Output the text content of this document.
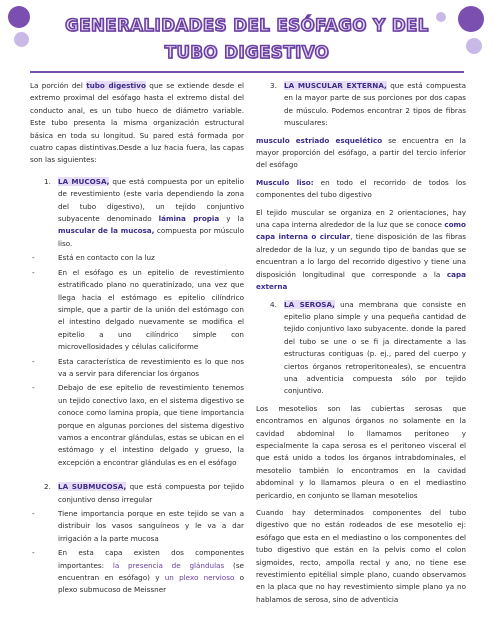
GENERALIDADES DEL ESÓFAGO Y DEL
TUBO DIGESTIVO

La porción del tubo digestivo que se extiende desde el extremo proximal del esófago hasta el extremo distal del conducto anal, es un tubo hueco de diámetro variable. Este tubo presenta la misma organización estructural básica en toda su longitud. Su pared está formada por cuatro capas distintivas.Desde a luz hacia fuera, las capas son las siguientes:

1. LA MUCOSA, que está compuesta por un epitelio de revestimiento (este varia dependiendo la zona del tubo digestivo), un tejido conjuntivo subyacente denominado lámina propia y la muscular de la mucosa, compuesta por músculo liso.
-	Está en contacto con la luz
-	En el esófago es un epitelio de revestimiento estratificado plano no queratinizado, una vez que llega hacia el estómago es epitelio cilíndrico simple, que a partir de la unión del estómago con el intestino delgado nuevamente se modifica el epitelio a uno cilíndrico simple con microvellosidades y células caliciforme
-	Esta característica de revestimiento es lo que nos va a servir para diferenciar los órganos
-	Debajo de ese epitelio de revestimiento tenemos un tejido conectivo laxo, en el sistema digestivo se conoce como lamina propia, que tiene importancia porque en algunas porciones del sistema digestivo vamos a encontrar glándulas, estas se ubican en el estómago y el intestino delgado y grueso, la excepción a encontrar glándulas es en el esófago
2. LA SUBMUCOSA, que está compuesta por tejido conjuntivo denso irregular
-	Tiene importancia porque en este tejido se van a distribuir los vasos sanguíneos y le va a dar irrigación a la parte mucosa
-	En esta capa existen dos componentes importantes: la presencia de glándulas (se encuentran en esófago) y un plexo nervioso o plexo submucoso de Meissner
3. LA MUSCULAR EXTERNA, que está compuesta en la mayor parte de sus porciones por dos capas de músculo. Podemos encontrar 2 tipos de fibras musculares:

musculo estriado esquelético se encuentra en la mayor proporción del esófago, a partir del tercio inferior del esófago

Musculo liso: en todo el recorrido de todos los componentes del tubo digestivo

El tejido muscular se organiza en 2 orientaciones, hay una capa interna alrededor de la luz que se conoce como capa interna o circular, tiene disposición de las fibras alrededor de la luz, y un segundo tipo de bandas que se encuentran a lo largo del recorrido digestivo y tiene una disposición longitudinal que corresponde a la capa externa

4. LA SEROSA, una membrana que consiste en epitelio plano simple y una pequeña cantidad de tejido conjuntivo laxo subyacente. donde la pared del tubo se une o se fi ja directamente a las estructuras contiguas (p. ej., pared del cuerpo y ciertos órganos retroperitoneales), se encuentra una adventicia compuesta sólo por tejido conjuntivo.

Los mesotelios son las cubiertas serosas que encontramos en algunos órganos no solamente en la cavidad abdominal lo llamamos peritoneo y especialmente la capa serosa es el peritoneo visceral el que está unido a todos los órganos intrabdominales, el mesotelio también lo encontramos en la cavidad abdominal y lo llamamos pleura o en el mediastino pericardio, en conjunto se llaman mesotelios

Cuando hay determinados componentes del tubo digestivo que no están rodeados de ese mesotelio ej: esófago que esta en el mediastino o los componentes del tubo digestivo que están en la pelvis como el colon sigmoides, recto, ampolla rectal y ano, no tiene ese revestimiento epitélial simple plano, cuando observamos en la placa que no hay revestimiento simple plano ya no hablamos de serosa, sino de adventicia
